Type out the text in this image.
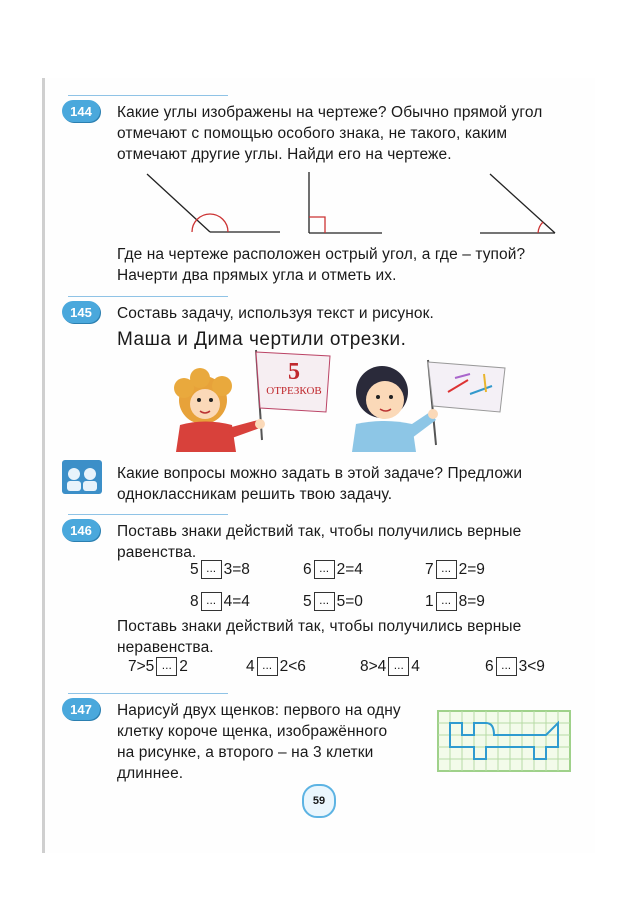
144	Какие углы изображены на чертеже? Обычно прямой угол
отмечают с помощью особого знака, не такого, каким
отмечают другие углы. Найди его на чертеже.
Где на чертеже расположен острый угол, а где – тупой?
Начерти два прямых угла и отметь их.
145	Составь задачу, используя текст и рисунок.
Маша и Дима чертили отрезки.
5
ОТРЕЗКОВ
Какие вопросы можно задать в этой задаче? Предложи
одноклассникам решить твою задачу.
146	Поставь знаки действий так, чтобы получились верные
равенства.
5 ... 3=8	6 ... 2=4	7 ... 2=9
8 ... 4=4	5 ... 5=0	1 ... 8=9
Поставь знаки действий так, чтобы получились верные
неравенства.
7>5 ... 2	4 ... 2<6	8>4 ... 4	6 ... 3<9
147	Нарисуй двух щенков: первого на одну
клетку короче щенка, изображённого
на рисунке, а второго – на 3 клетки
длиннее.
59
